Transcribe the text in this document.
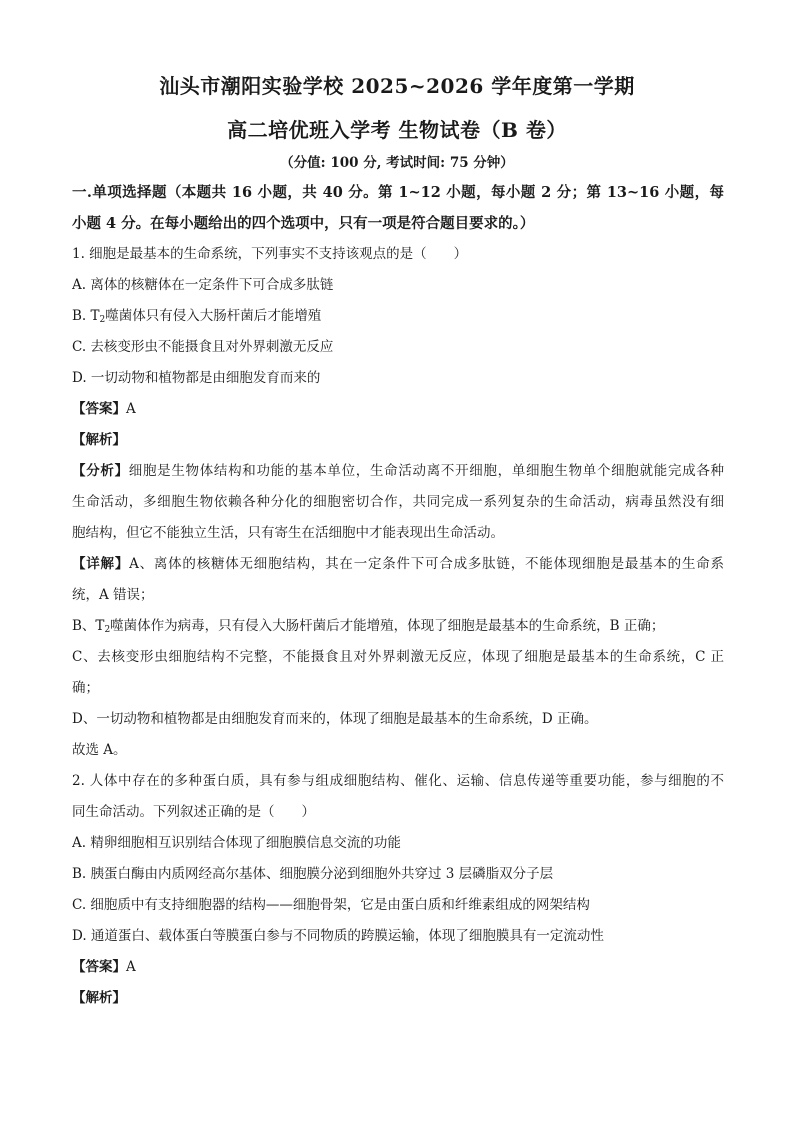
汕头市潮阳实验学校 2025~2026 学年度第一学期
高二培优班入学考 生物试卷（B 卷）
（分值: 100 分, 考试时间: 75 分钟）
一.单项选择题（本题共 16 小题，共 40 分。第 1~12 小题，每小题 2 分；第 13~16 小题，每
小题 4 分。在每小题给出的四个选项中，只有一项是符合题目要求的。）
1. 细胞是最基本的生命系统，下列事实不支持该观点的是（　　）
A. 离体的核糖体在一定条件下可合成多肽链
B. $T_2$噬菌体只有侵入大肠杆菌后才能增殖
C. 去核变形虫不能摄食且对外界刺激无反应
D. 一切动物和植物都是由细胞发育而来的
【答案】A
【解析】
【分析】细胞是生物体结构和功能的基本单位，生命活动离不开细胞，单细胞生物单个细胞就能完成各种
生命活动，多细胞生物依赖各种分化的细胞密切合作，共同完成一系列复杂的生命活动，病毒虽然没有细
胞结构，但它不能独立生活，只有寄生在活细胞中才能表现出生命活动。
【详解】A、离体的核糖体无细胞结构，其在一定条件下可合成多肽链，不能体现细胞是最基本的生命系
统，A 错误；
B、$T_2$噬菌体作为病毒，只有侵入大肠杆菌后才能增殖，体现了细胞是最基本的生命系统，B 正确；
C、去核变形虫细胞结构不完整，不能摄食且对外界刺激无反应，体现了细胞是最基本的生命系统，C 正
确；
D、一切动物和植物都是由细胞发育而来的，体现了细胞是最基本的生命系统，D 正确。
故选 A。
2. 人体中存在的多种蛋白质，具有参与组成细胞结构、催化、运输、信息传递等重要功能，参与细胞的不
同生命活动。下列叙述正确的是（　　）
A. 精卵细胞相互识别结合体现了细胞膜信息交流的功能
B. 胰蛋白酶由内质网经高尔基体、细胞膜分泌到细胞外共穿过 3 层磷脂双分子层
C. 细胞质中有支持细胞器的结构——细胞骨架，它是由蛋白质和纤维素组成的网架结构
D. 通道蛋白、载体蛋白等膜蛋白参与不同物质的跨膜运输，体现了细胞膜具有一定流动性
【答案】A
【解析】
